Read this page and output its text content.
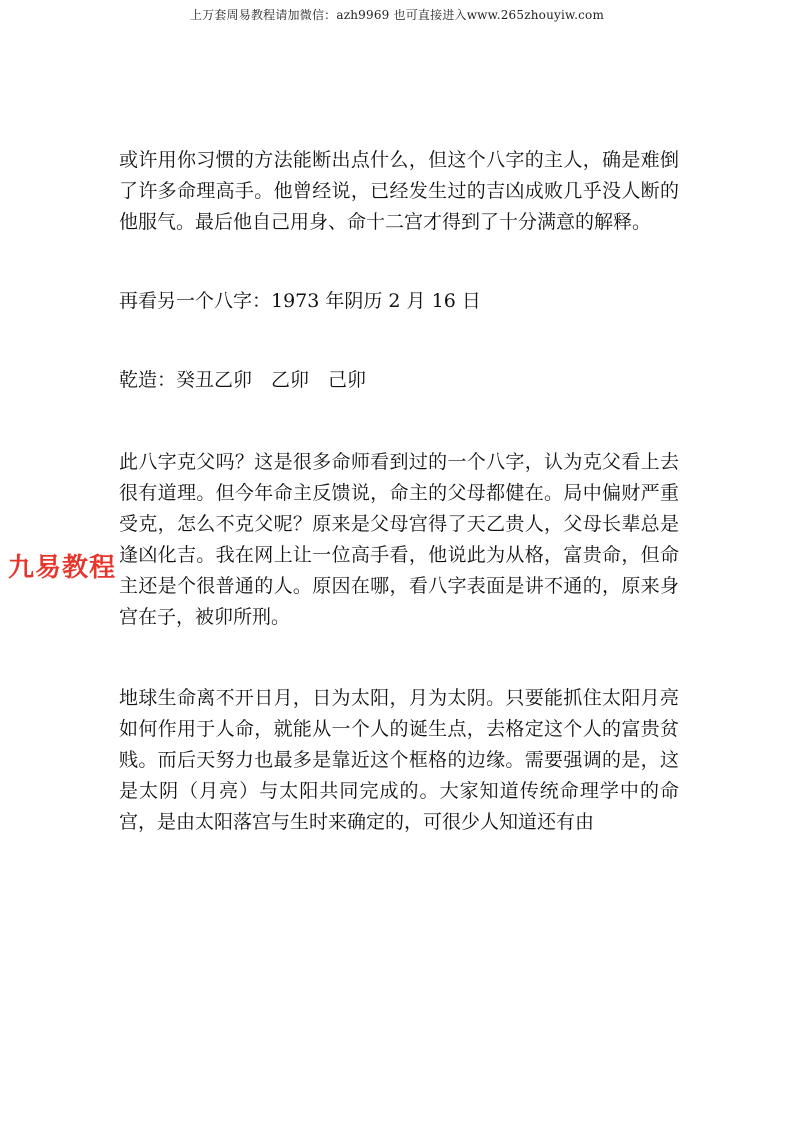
上万套周易教程请加微信：azh9969 也可直接进入www.265zhouyiw.com
九易教程

或许用你习惯的方法能断出点什么，但这个八字的主人，确是难倒了许多命理高手。他曾经说，已经发生过的吉凶成败几乎没人断的他服气。最后他自己用身、命十二宫才得到了十分满意的解释。

再看另一个八字：1973 年阴历 2 月 16 日

乾造：癸丑乙卯　乙卯　己卯

此八字克父吗？这是很多命师看到过的一个八字，认为克父看上去很有道理。但今年命主反馈说，命主的父母都健在。局中偏财严重受克，怎么不克父呢？原来是父母宫得了天乙贵人，父母长辈总是逢凶化吉。我在网上让一位高手看，他说此为从格，富贵命，但命主还是个很普通的人。原因在哪，看八字表面是讲不通的，原来身宫在子，被卯所刑。

地球生命离不开日月，日为太阳，月为太阴。只要能抓住太阳月亮如何作用于人命，就能从一个人的诞生点，去格定这个人的富贵贫贱。而后天努力也最多是靠近这个框格的边缘。需要强调的是，这是太阴（月亮）与太阳共同完成的。大家知道传统命理学中的命宫，是由太阳落宫与生时来确定的，可很少人知道还有由
